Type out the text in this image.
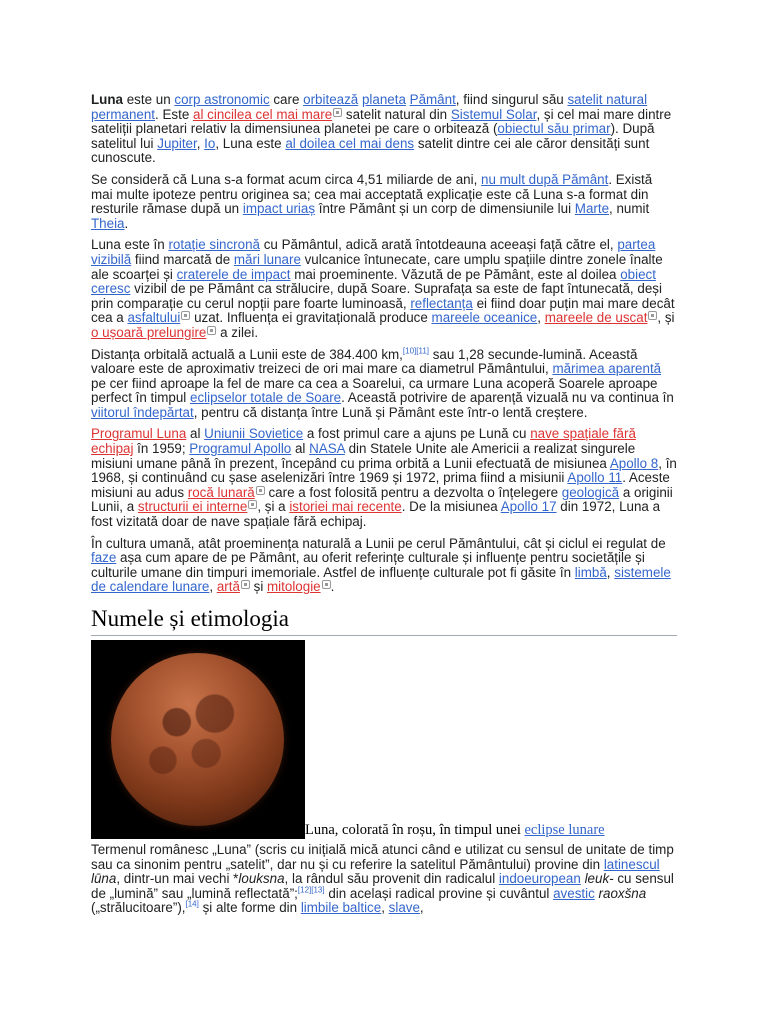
Luna este un corp astronomic care orbitează planeta Pământ, fiind singurul său satelit natural permanent. Este al cincilea cel mai mare satelit natural din Sistemul Solar, și cel mai mare dintre sateliții planetari relativ la dimensiunea planetei pe care o orbitează (obiectul său primar). După satelitul lui Jupiter, Io, Luna este al doilea cel mai dens satelit dintre cei ale căror densități sunt cunoscute.

Se consideră că Luna s-a format acum circa 4,51 miliarde de ani, nu mult după Pământ. Există mai multe ipoteze pentru originea sa; cea mai acceptată explicație este că Luna s-a format din resturile rămase după un impact uriaș între Pământ și un corp de dimensiunile lui Marte, numit Theia.

Luna este în rotație sincronă cu Pământul, adică arată întotdeauna aceeași față către el, partea vizibilă fiind marcată de mări lunare vulcanice întunecate, care umplu spațiile dintre zonele înalte ale scoarței și craterele de impact mai proeminente. Văzută de pe Pământ, este al doilea obiect ceresc vizibil de pe Pământ ca strălucire, după Soare. Suprafața sa este de fapt întunecată, deși prin comparație cu cerul nopții pare foarte luminoasă, reflectanța ei fiind doar puțin mai mare decât cea a asfaltului uzat. Influența ei gravitațională produce mareele oceanice, mareele de uscat , și o ușoară prelungire a zilei.

Distanța orbitală actuală a Lunii este de 384.400 km,[10][11] sau 1,28 secunde-lumină. Această valoare este de aproximativ treizeci de ori mai mare ca diametrul Pământului, mărimea aparentă pe cer fiind aproape la fel de mare ca cea a Soarelui, ca urmare Luna acoperă Soarele aproape perfect în timpul eclipselor totale de Soare. Această potrivire de aparență vizuală nu va continua în viitorul îndepărtat, pentru că distanța între Lună și Pământ este într-o lentă creștere.

Programul Luna al Uniunii Sovietice a fost primul care a ajuns pe Lună cu nave spațiale fără echipaj în 1959; Programul Apollo al NASA din Statele Unite ale Americii a realizat singurele misiuni umane până în prezent, începând cu prima orbită a Lunii efectuată de misiunea Apollo 8, în 1968, și continuând cu șase aselenizări între 1969 și 1972, prima fiind a misiunii Apollo 11. Aceste misiuni au adus rocă lunară care a fost folosită pentru a dezvolta o înțelegere geologică a originii Lunii, a structurii ei interne , și a istoriei mai recente. De la misiunea Apollo 17 din 1972, Luna a fost vizitată doar de nave spațiale fără echipaj.

În cultura umană, atât proeminența naturală a Lunii pe cerul Pământului, cât și ciclul ei regulat de faze așa cum apare de pe Pământ, au oferit referințe culturale și influențe pentru societățile și culturile umane din timpuri imemoriale. Astfel de influențe culturale pot fi găsite în limbă, sistemele de calendare lunare, artă și mitologie .

Numele și etimologia
Luna, colorată în roșu, în timpul unei eclipse lunare

Termenul românesc „Luna” (scris cu inițială mică atunci când e utilizat cu sensul de unitate de timp sau ca sinonim pentru „satelit”, dar nu și cu referire la satelitul Pământului) provine din latinescul lūna, dintr-un mai vechi *louksna, la rândul său provenit din radicalul indoeuropean leuk- cu sensul de „lumină” sau „lumină reflectată”;[12][13] din același radical provine și cuvântul avestic raoxšna („strălucitoare”),[14] și alte forme din limbile baltice, slave,
